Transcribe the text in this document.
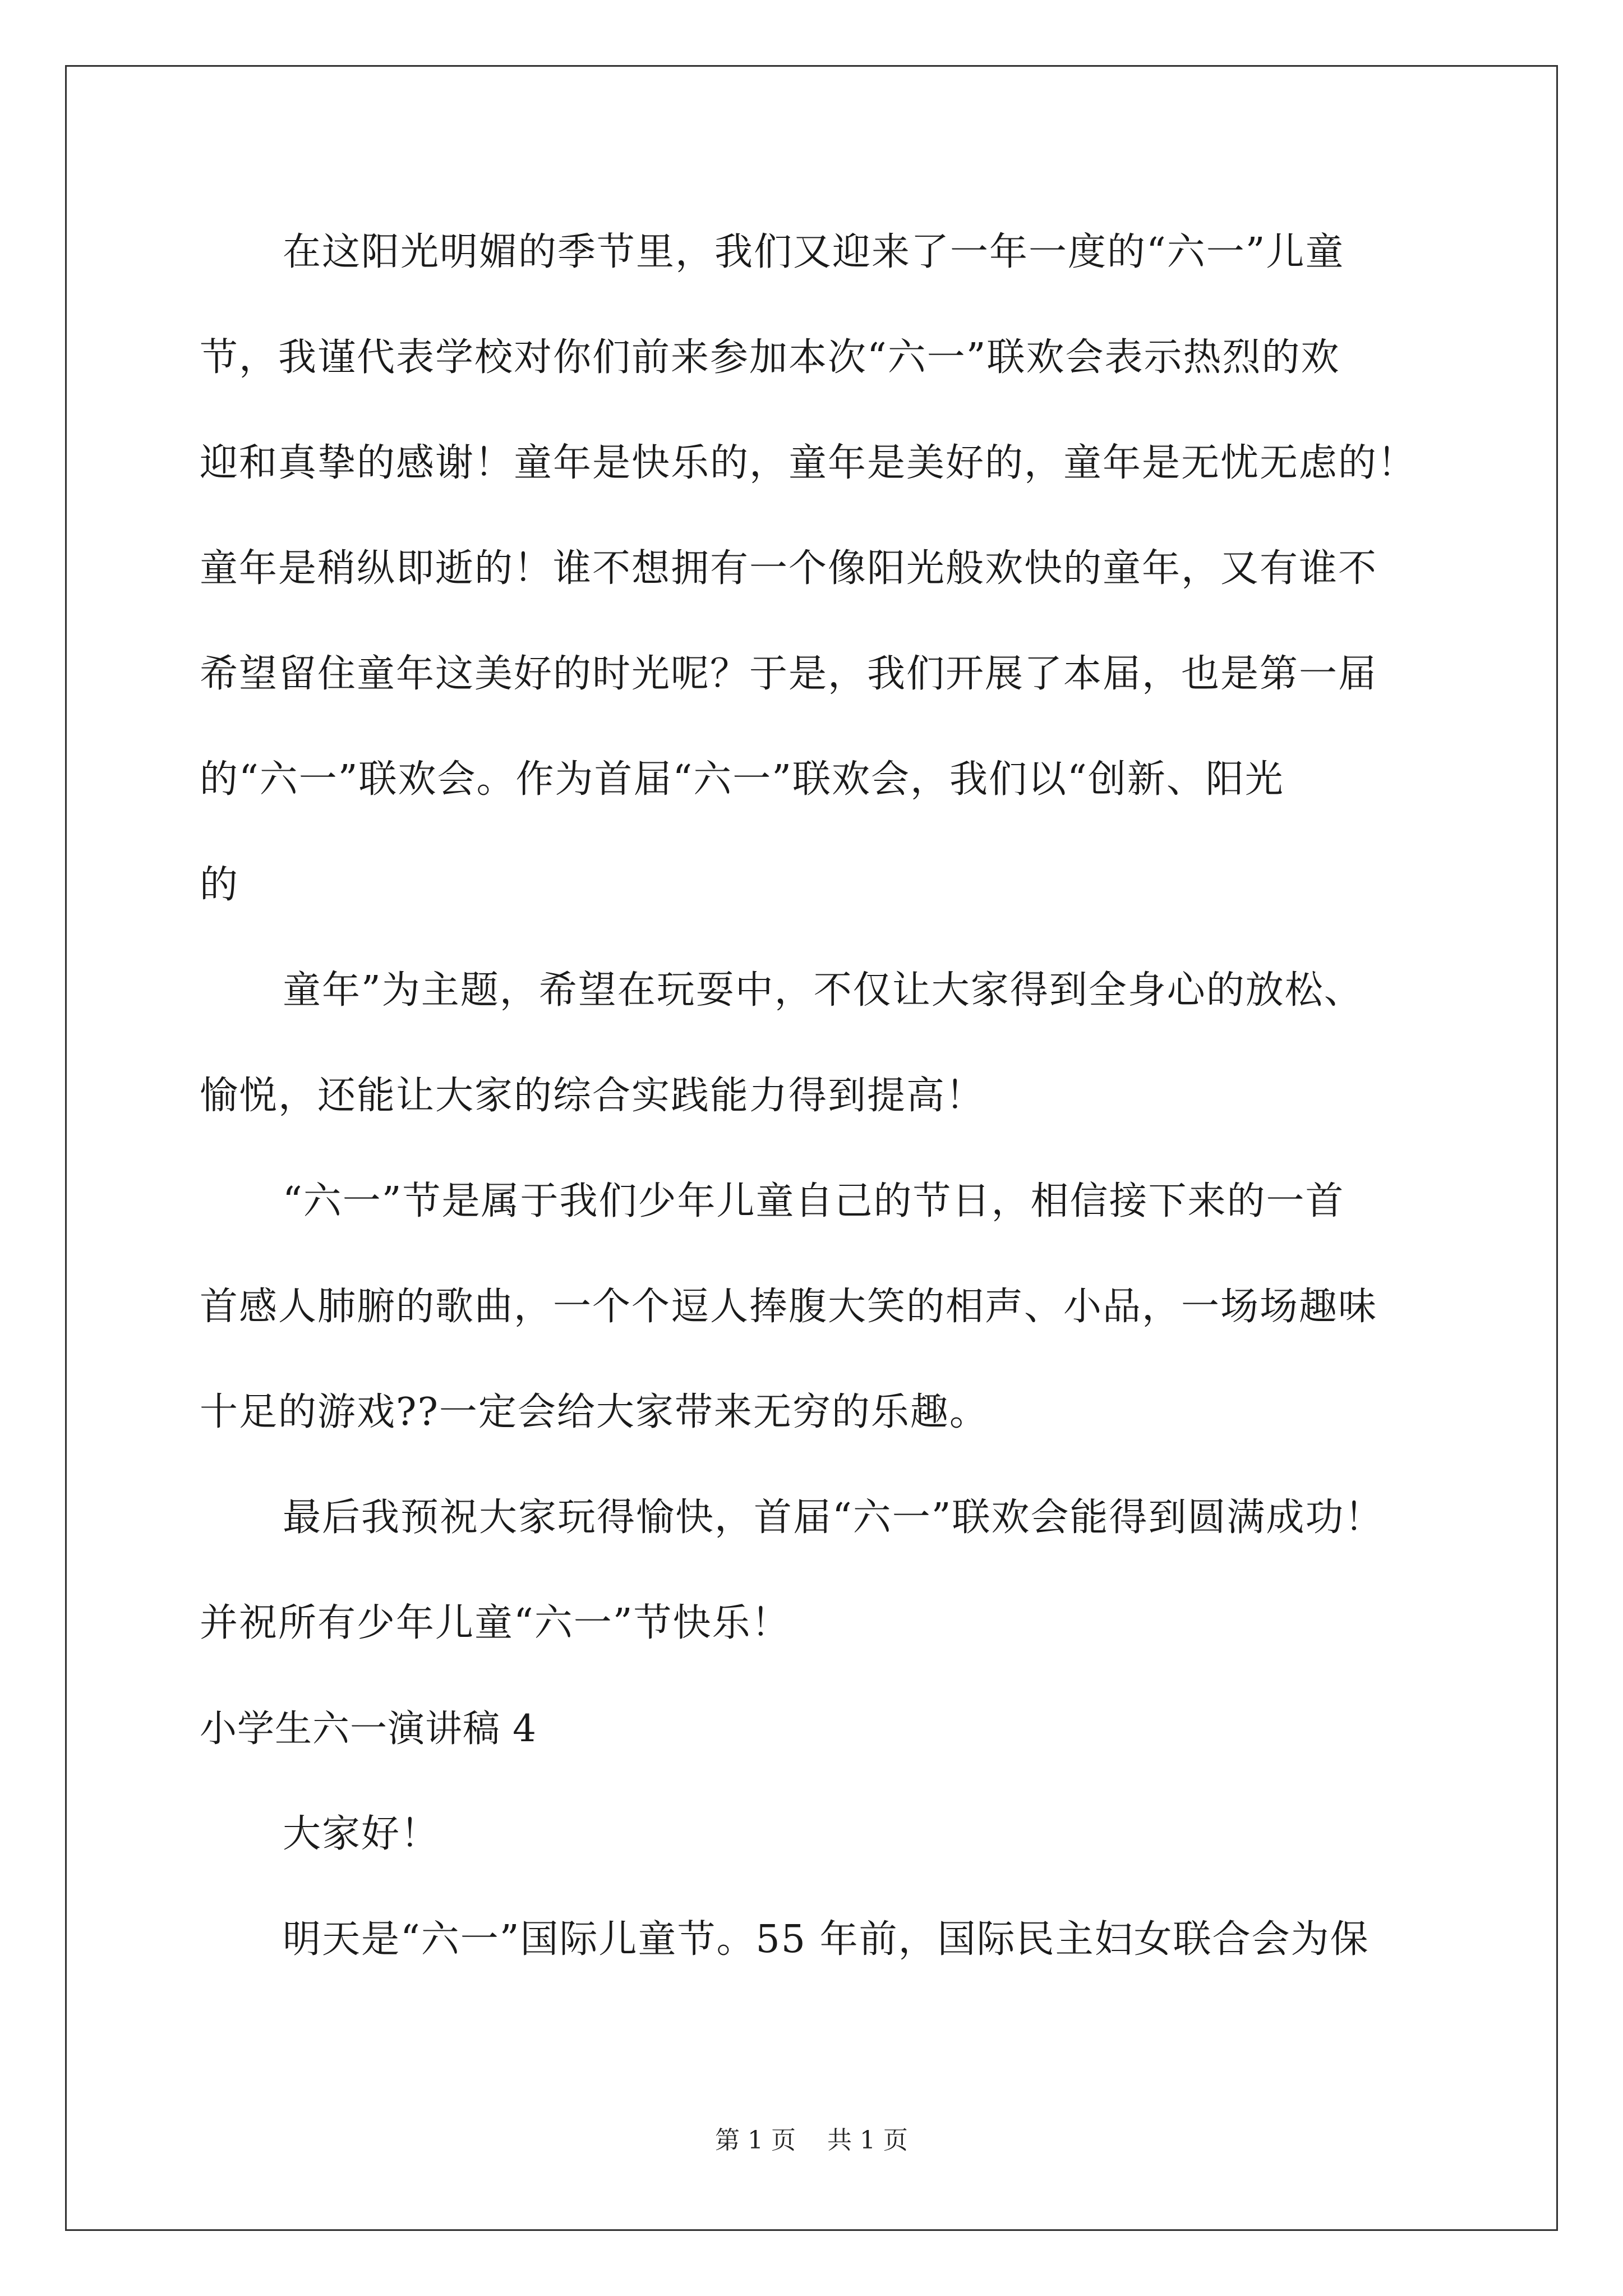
在这阳光明媚的季节里，我们又迎来了一年一度的“六一”儿童
节，我谨代表学校对你们前来参加本次“六一”联欢会表示热烈的欢
迎和真挚的感谢！童年是快乐的，童年是美好的，童年是无忧无虑的！
童年是稍纵即逝的！谁不想拥有一个像阳光般欢快的童年，又有谁不
希望留住童年这美好的时光呢？于是，我们开展了本届，也是第一届
的“六一”联欢会。作为首届“六一”联欢会，我们以“创新、阳光
的
童年”为主题，希望在玩耍中，不仅让大家得到全身心的放松、
愉悦，还能让大家的综合实践能力得到提高！
“六一”节是属于我们少年儿童自己的节日，相信接下来的一首
首感人肺腑的歌曲，一个个逗人捧腹大笑的相声、小品，一场场趣味
十足的游戏??一定会给大家带来无穷的乐趣。
最后我预祝大家玩得愉快，首届“六一”联欢会能得到圆满成功！
并祝所有少年儿童“六一”节快乐！
小学生六一演讲稿 4
大家好！
明天是“六一”国际儿童节。55 年前，国际民主妇女联合会为保
第 1 页    共 1 页
